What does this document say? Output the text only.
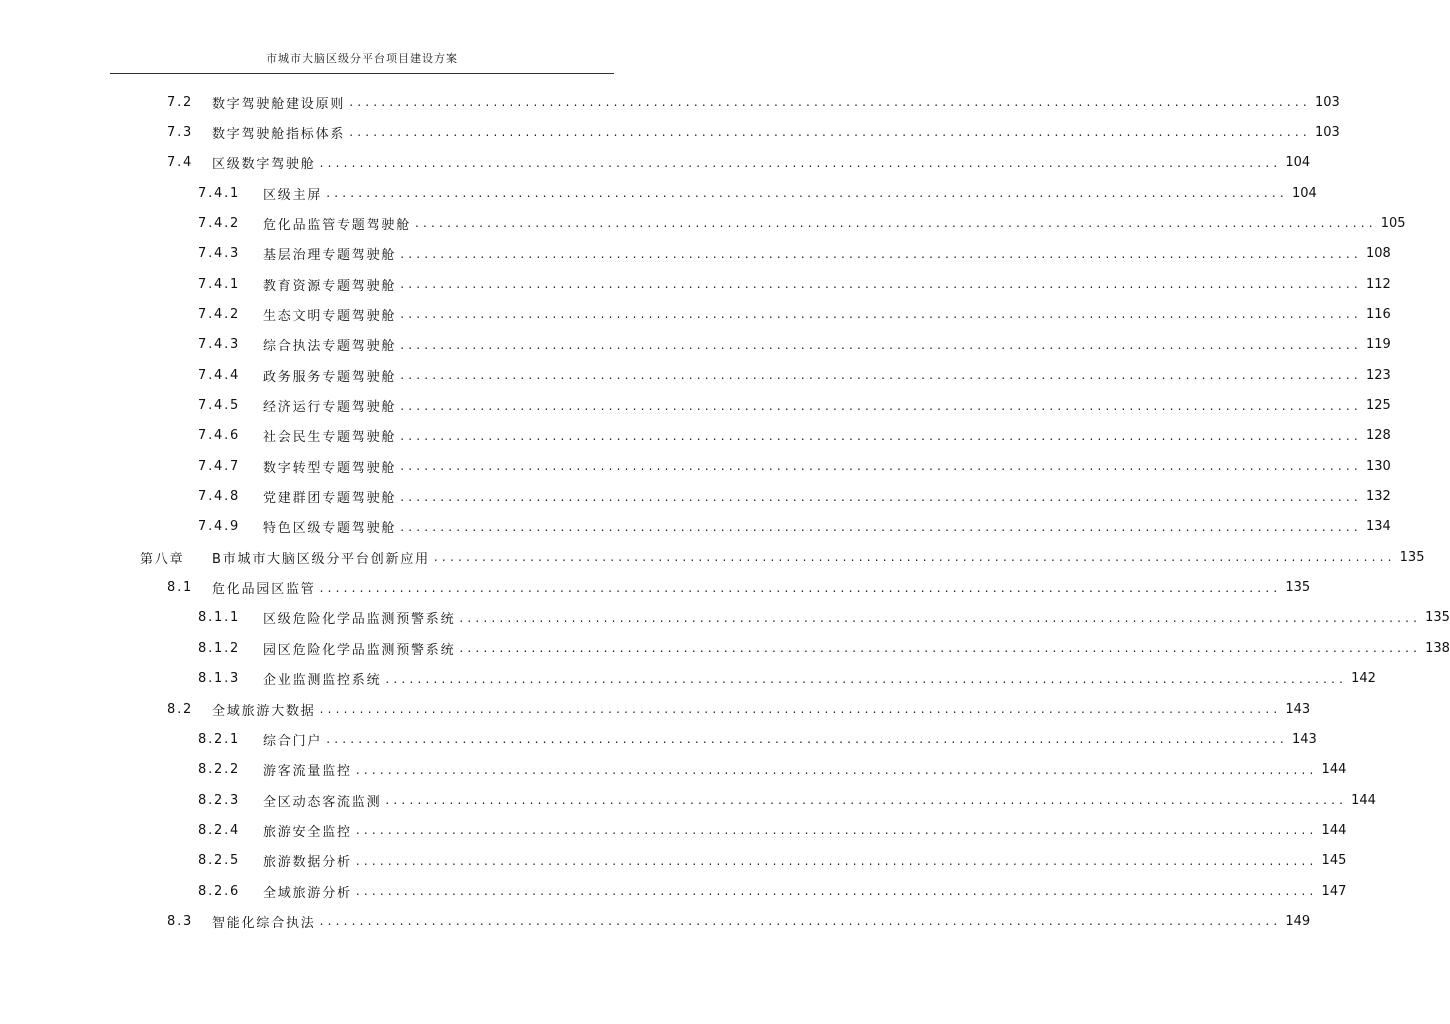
市城市大脑区级分平台项目建设方案
7.2	数字驾驶舱建设原则 ........................................................................................................................ 103
7.3	数字驾驶舱指标体系 ........................................................................................................................ 103
7.4	区级数字驾驶舱 ........................................................................................................................ 104
7.4.1	区级主屏 ........................................................................................................................ 104
7.4.2	危化品监管专题驾驶舱 ........................................................................................................................ 105
7.4.3	基层治理专题驾驶舱 ........................................................................................................................ 108
7.4.1	教育资源专题驾驶舱 ........................................................................................................................ 112
7.4.2	生态文明专题驾驶舱 ........................................................................................................................ 116
7.4.3	综合执法专题驾驶舱 ........................................................................................................................ 119
7.4.4	政务服务专题驾驶舱 ........................................................................................................................ 123
7.4.5	经济运行专题驾驶舱 ........................................................................................................................ 125
7.4.6	社会民生专题驾驶舱 ........................................................................................................................ 128
7.4.7	数字转型专题驾驶舱 ........................................................................................................................ 130
7.4.8	党建群团专题驾驶舱 ........................................................................................................................ 132
7.4.9	特色区级专题驾驶舱 ........................................................................................................................ 134
第八章	B市城市大脑区级分平台创新应用 ........................................................................................................................ 135
8.1	危化品园区监管 ........................................................................................................................ 135
8.1.1	区级危险化学品监测预警系统 ........................................................................................................................ 135
8.1.2	园区危险化学品监测预警系统 ........................................................................................................................ 138
8.1.3	企业监测监控系统 ........................................................................................................................ 142
8.2	全域旅游大数据 ........................................................................................................................ 143
8.2.1	综合门户 ........................................................................................................................ 143
8.2.2	游客流量监控 ........................................................................................................................ 144
8.2.3	全区动态客流监测 ........................................................................................................................ 144
8.2.4	旅游安全监控 ........................................................................................................................ 144
8.2.5	旅游数据分析 ........................................................................................................................ 145
8.2.6	全域旅游分析 ........................................................................................................................ 147
8.3	智能化综合执法 ........................................................................................................................ 149
